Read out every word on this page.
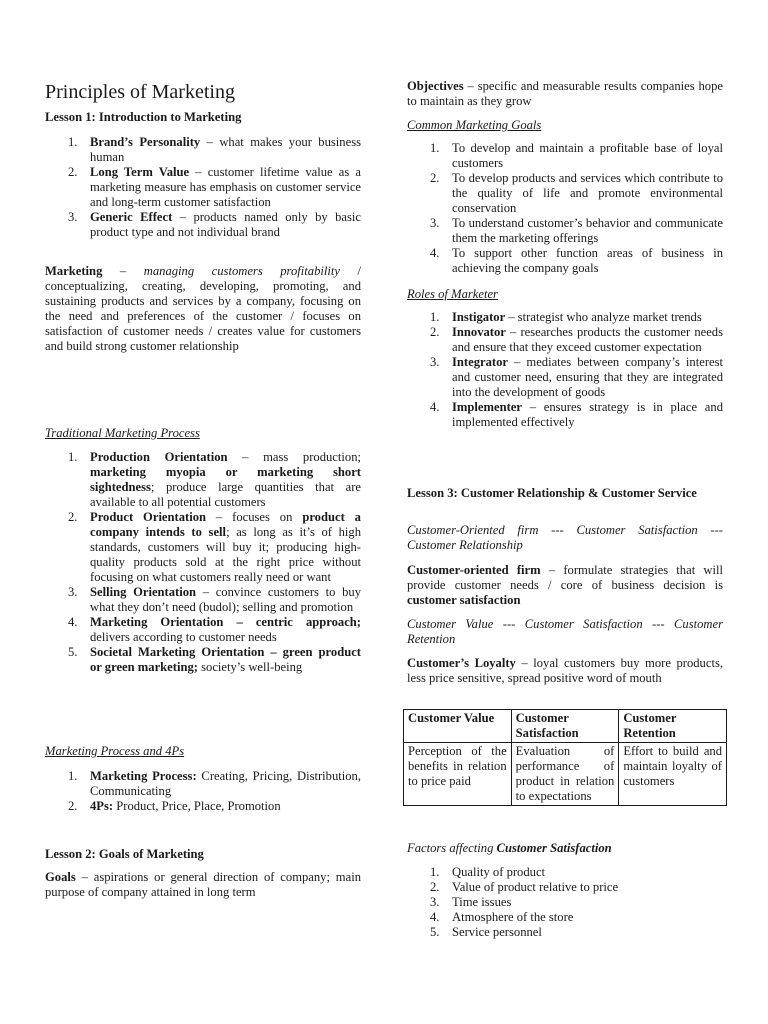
Principles of Marketing
Lesson 1: Introduction to Marketing
1. Brand’s Personality – what makes your business human
2. Long Term Value – customer lifetime value as a marketing measure has emphasis on customer service and long-term customer satisfaction
3. Generic Effect – products named only by basic product type and not individual brand

Marketing – managing customers profitability / conceptualizing, creating, developing, promoting, and sustaining products and services by a company, focusing on the need and preferences of the customer / focuses on satisfaction of customer needs / creates value for customers and build strong customer relationship

Traditional Marketing Process
1. Production Orientation – mass production; marketing myopia or marketing short sightedness; produce large quantities that are available to all potential customers
2. Product Orientation – focuses on product a company intends to sell; as long as it’s of high standards, customers will buy it; producing high-quality products sold at the right price without focusing on what customers really need or want
3. Selling Orientation – convince customers to buy what they don’t need (budol); selling and promotion
4. Marketing Orientation – centric approach; delivers according to customer needs
5. Societal Marketing Orientation – green product or green marketing; society’s well-being
Marketing Process and 4Ps
1. Marketing Process: Creating, Pricing, Distribution, Communicating
2. 4Ps: Product, Price, Place, Promotion
Lesson 2: Goals of Marketing

Goals – aspirations or general direction of company; main purpose of company attained in long term

Objectives – specific and measurable results companies hope to maintain as they grow

Common Marketing Goals
1. To develop and maintain a profitable base of loyal customers
2. To develop products and services which contribute to the quality of life and promote environmental conservation
3. To understand customer’s behavior and communicate them the marketing offerings
4. To support other function areas of business in achieving the company goals
Roles of Marketer
1. Instigator – strategist who analyze market trends
2. Innovator – researches products the customer needs and ensure that they exceed customer expectation
3. Integrator – mediates between company’s interest and customer need, ensuring that they are integrated into the development of goods
4. Implementer – ensures strategy is in place and implemented effectively
Lesson 3: Customer Relationship & Customer Service

Customer-Oriented firm --- Customer Satisfaction --- Customer Relationship

Customer-oriented firm – formulate strategies that will provide customer needs / core of business decision is customer satisfaction

Customer Value --- Customer Satisfaction --- Customer Retention

Customer’s Loyalty – loyal customers buy more products, less price sensitive, spread positive word of mouth

Customer Value	Customer Satisfaction	Customer Retention
Perception of the benefits in relation to price paid	Evaluation of performance of product in relation to expectations	Effort to build and maintain loyalty of customers
Factors affecting Customer Satisfaction
1. Quality of product
2. Value of product relative to price
3. Time issues
4. Atmosphere of the store
5. Service personnel
